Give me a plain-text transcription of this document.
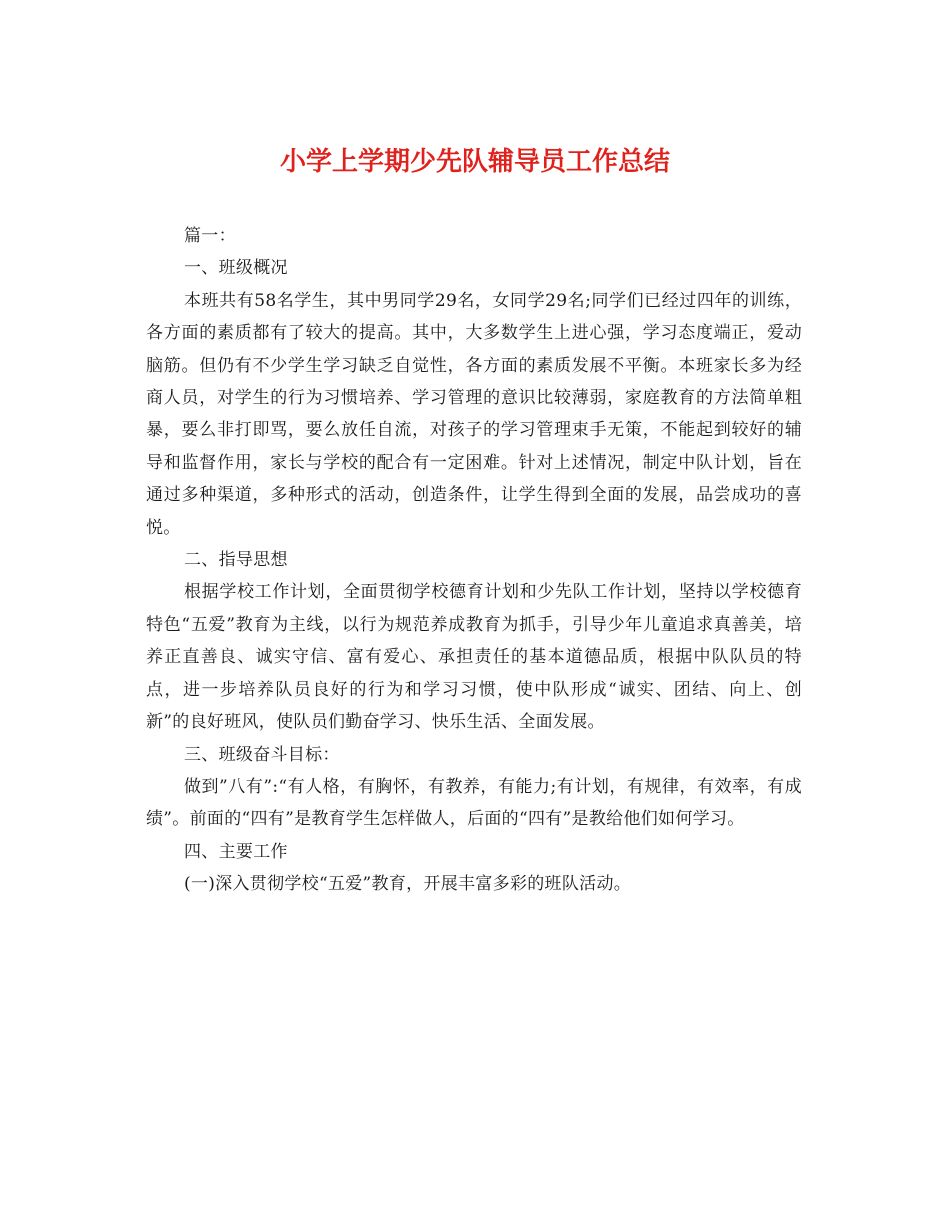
小学上学期少先队辅导员工作总结

篇一：

一、班级概况

本班共有58名学生，其中男同学29名，女同学29名;同学们已经过四年的训练，各方面的素质都有了较大的提高。其中，大多数学生上进心强，学习态度端正，爱动脑筋。但仍有不少学生学习缺乏自觉性，各方面的素质发展不平衡。本班家长多为经商人员，对学生的行为习惯培养、学习管理的意识比较薄弱，家庭教育的方法简单粗暴，要么非打即骂，要么放任自流，对孩子的学习管理束手无策，不能起到较好的辅导和监督作用，家长与学校的配合有一定困难。针对上述情况，制定中队计划，旨在通过多种渠道，多种形式的活动，创造条件，让学生得到全面的发展，品尝成功的喜悦。

二、指导思想

根据学校工作计划，全面贯彻学校德育计划和少先队工作计划，坚持以学校德育特色“五爱”教育为主线，以行为规范养成教育为抓手，引导少年儿童追求真善美，培养正直善良、诚实守信、富有爱心、承担责任的基本道德品质，根据中队队员的特点，进一步培养队员良好的行为和学习习惯，使中队形成“诚实、团结、向上、创新”的良好班风，使队员们勤奋学习、快乐生活、全面发展。

三、班级奋斗目标：

做到”八有”:“有人格，有胸怀，有教养，有能力;有计划，有规律，有效率，有成绩”。前面的“四有”是教育学生怎样做人，后面的“四有”是教给他们如何学习。

四、主要工作

(一)深入贯彻学校“五爱”教育，开展丰富多彩的班队活动。
